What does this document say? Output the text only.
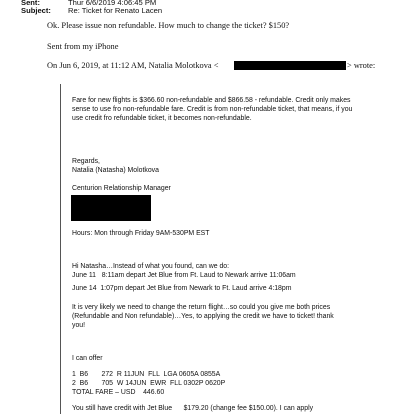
Sent:	Thur 6/6/2019 4:06:45 PM
Subject: Re: Ticket for Renato Lacen
Ok. Please issue non refundable. How much to change the ticket? $150?
Sent from my iPhone
On Jun 6, 2019, at 11:12 AM, Natalia Molotkova <	> wrote:
Fare for new flights is $366.60 non-refundable and $866.58 - refundable. Credit only makes
sense to use fro non-refundable fare. Credit is from non-refundable ticket, that means, if you
use credit fro refundable ticket, it becomes non-refundable.
Regards,
Natalia (Natasha) Molotkova
Centurion Relationship Manager
Hours: Mon through Friday 9AM-530PM EST
Hi Natasha…Instead of what you found, can we do:
June 11   8:11am depart Jet Blue from Ft. Laud to Newark arrive 11:06am
June 14  1:07pm depart Jet Blue from Newark to Ft. Laud arrive 4:18pm
It is very likely we need to change the return flight…so could you give me both prices
(Refundable and Non refundable)…Yes, to applying the credit we have to ticket! thank
you!
I can offer
1  B6       272  R 11JUN  FLL  LGA 0605A 0855A
2  B6       705  W 14JUN  EWR  FLL 0302P 0620P
TOTAL FARE – USD    446.60
You still have credit with Jet Blue      $179.20 (change fee $150.00). I can apply
